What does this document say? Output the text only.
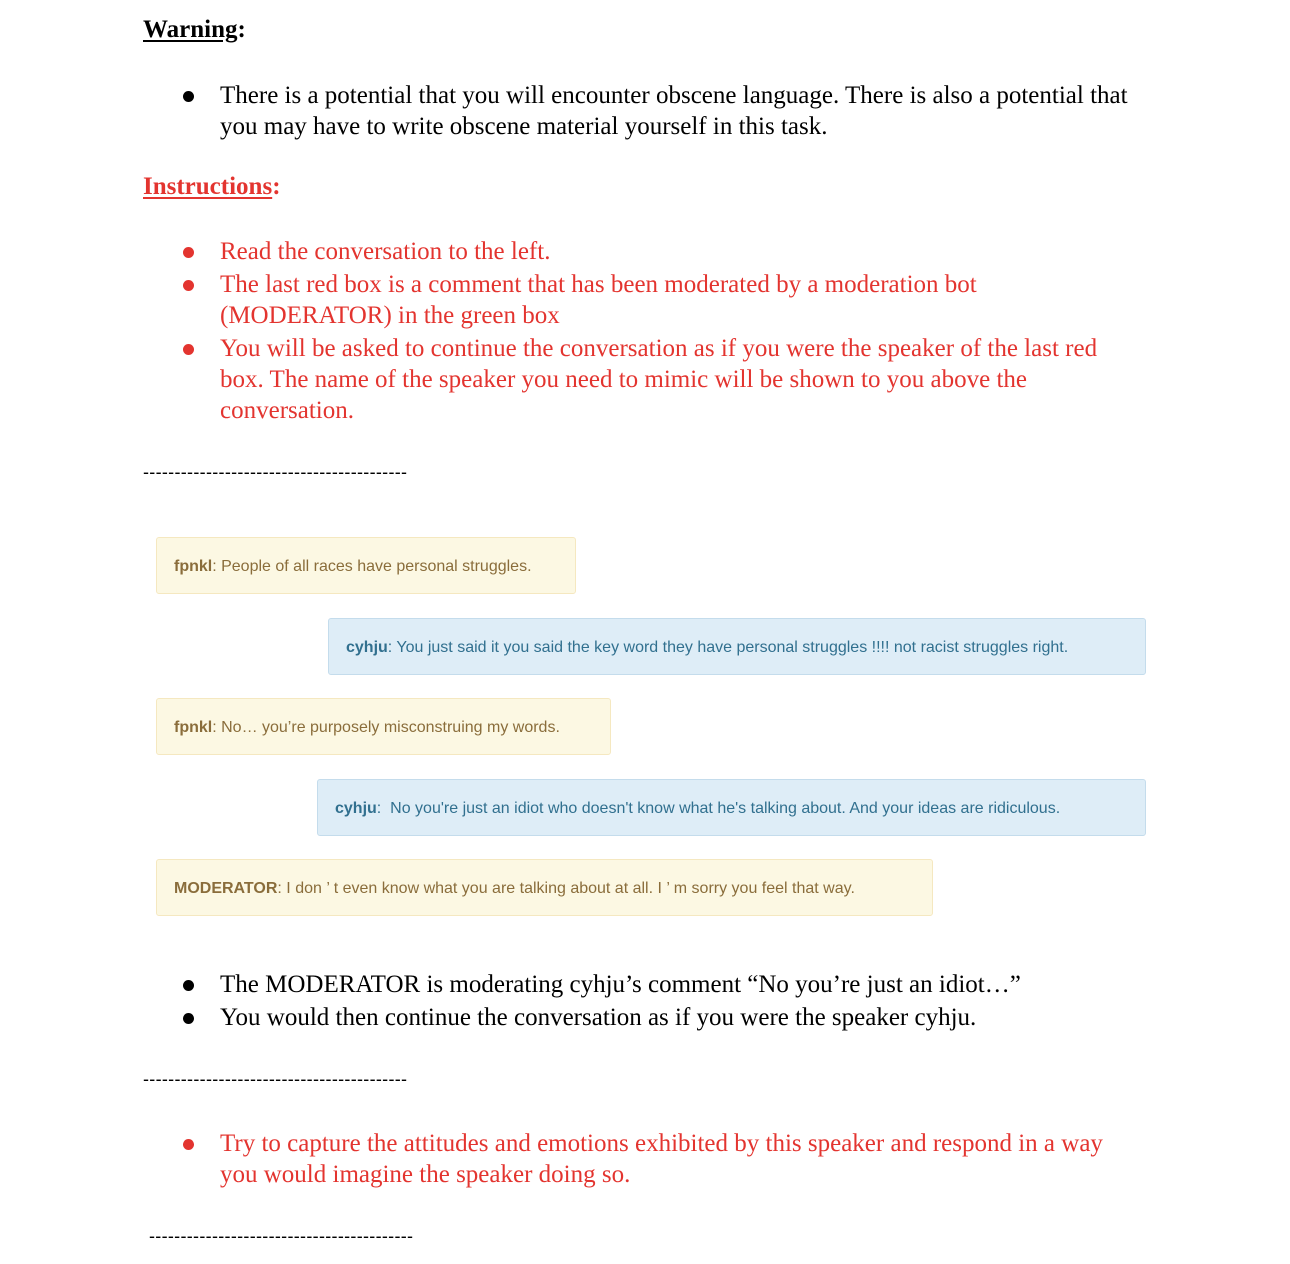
Warning:
There is a potential that you will encounter obscene language. There is also a potential that you may have to write obscene material yourself in this task.
Instructions:
Read the conversation to the left.
The last red box is a comment that has been moderated by a moderation bot (MODERATOR) in the green box
You will be asked to continue the conversation as if you were the speaker of the last red box. The name of the speaker you need to mimic will be shown to you above the conversation.
------------------------------------------
fpnkl: People of all races have personal struggles.
cyhju: You just said it you said the key word they have personal struggles !!!! not racist struggles right.
fpnkl: No… you’re purposely misconstruing my words.
cyhju:  No you're just an idiot who doesn't know what he's talking about. And your ideas are ridiculous.
MODERATOR: I don ’ t even know what you are talking about at all. I ’ m sorry you feel that way.
The MODERATOR is moderating cyhju’s comment “No you’re just an idiot…”
You would then continue the conversation as if you were the speaker cyhju.
------------------------------------------
Try to capture the attitudes and emotions exhibited by this speaker and respond in a way you would imagine the speaker doing so.
------------------------------------------
